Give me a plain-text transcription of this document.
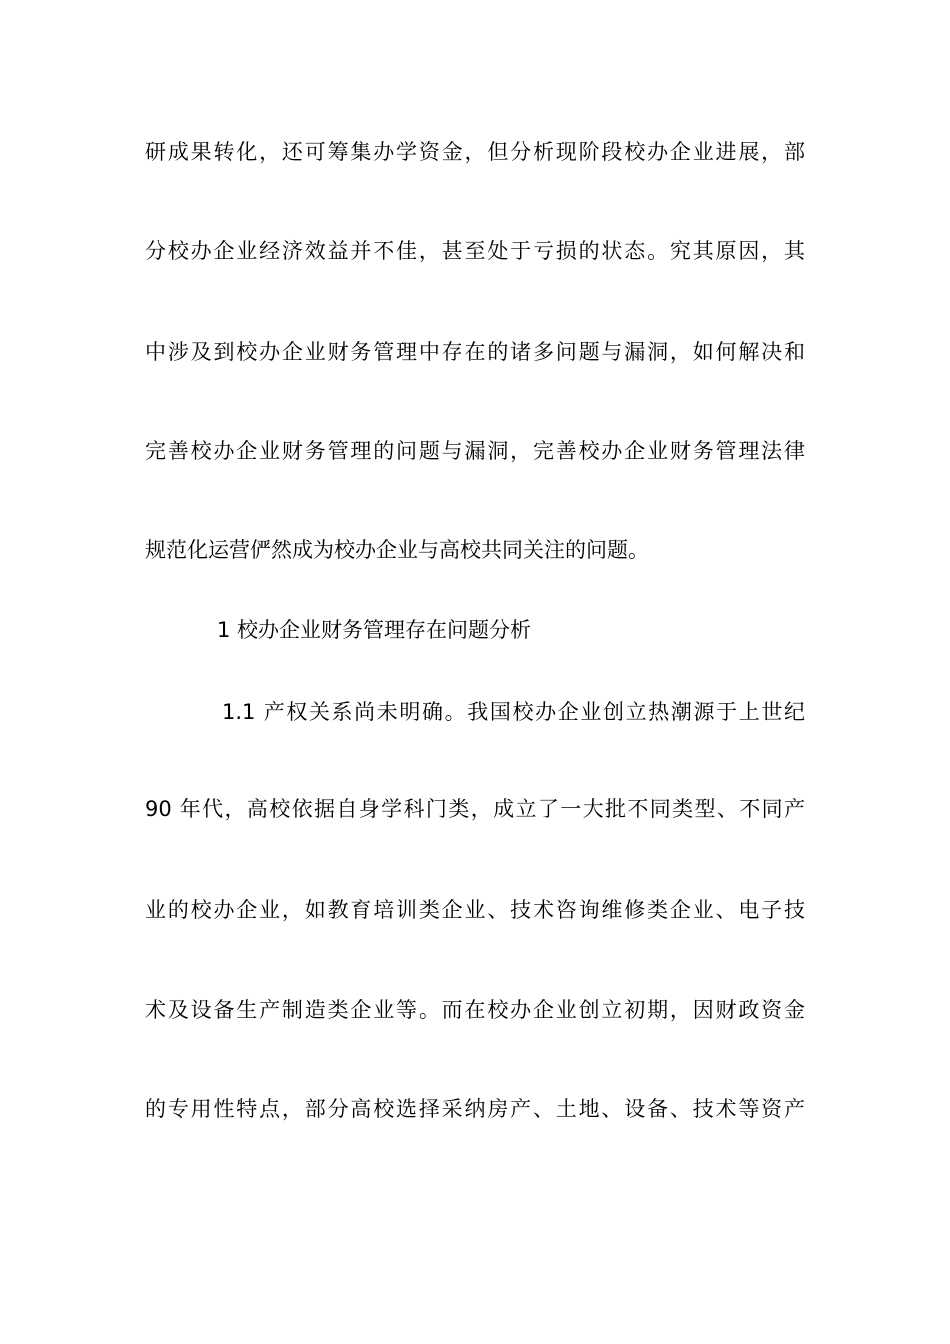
研成果转化，还可筹集办学资金，但分析现阶段校办企业进展，部
分校办企业经济效益并不佳，甚至处于亏损的状态。究其原因，其
中涉及到校办企业财务管理中存在的诸多问题与漏洞，如何解决和
完善校办企业财务管理的问题与漏洞，完善校办企业财务管理法律
规范化运营俨然成为校办企业与高校共同关注的问题。
1 校办企业财务管理存在问题分析
1.1 产权关系尚未明确。我国校办企业创立热潮源于上世纪
90 年代，高校依据自身学科门类，成立了一大批不同类型、不同产
业的校办企业，如教育培训类企业、技术咨询维修类企业、电子技
术及设备生产制造类企业等。而在校办企业创立初期，因财政资金
的专用性特点，部分高校选择采纳房产、土地、设备、技术等资产
